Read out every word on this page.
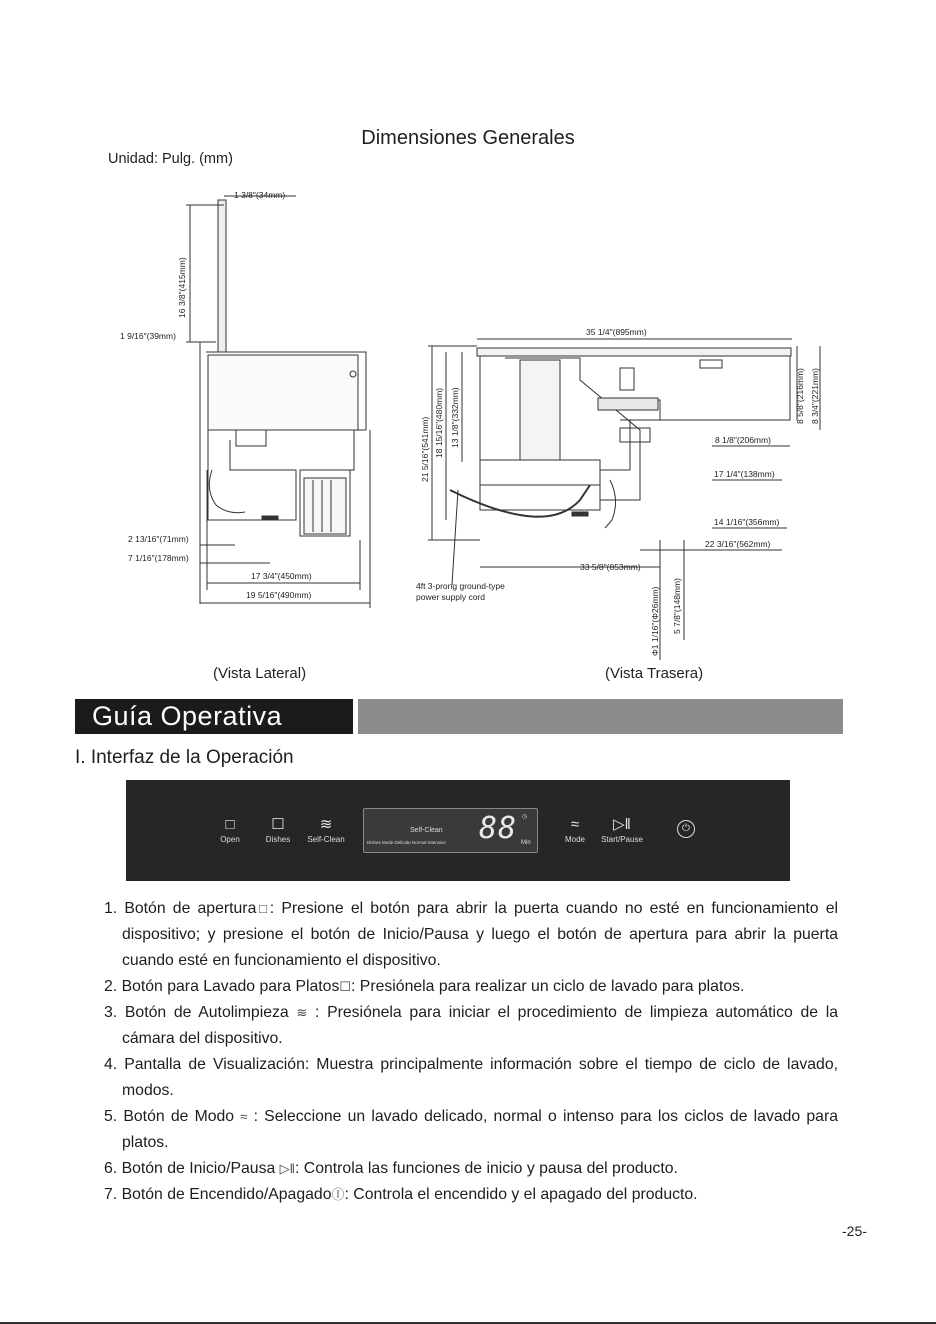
Dimensiones Generales
Unidad: Pulg. (mm)
1 3/8"(34mm)
16 3/8"(415mm)
1 9/16"(39mm)
2 13/16"(71mm)
7 1/16"(178mm)
17 3/4"(450mm)
19 5/16"(490mm)
35 1/4"(895mm)
21 5/16"(541mm) 18 15/16"(480mm) 13 1/8"(332mm)	8 5/8"(216mm) 8 3/4"(221mm)
8 1/8"(206mm)
17 1/4"(138mm)
14 1/16"(356mm)
22 3/16"(562mm)
33 5/8"(853mm)
Φ1 1/16"(Φ26mm) 5 7/8"(148mm)
4ft 3-prong ground-type
power supply cord
(Vista Lateral)	(Vista Trasera)
Guía Operativa
I. Interfaz de la Operación
□
Open
☐
Dishes
≋
Self-Clean
Self-Clean 88 ◷
Min
Dishes Mode Delicate Normal Intensive
≈
Mode
▷‖
Start/Pause
⏻
1. Botón de apertura□: Presione el botón para abrir la puerta cuando no esté en funcionamiento el dispositivo; y presione el botón de Inicio/Pausa y luego el botón de apertura para abrir la puerta cuando esté en funcionamiento el dispositivo.
2. Botón para Lavado para Platos☐: Presiónela para realizar un ciclo de lavado para platos.
3. Botón de Autolimpieza ≋ : Presiónela para iniciar el procedimiento de limpieza automático de la cámara del dispositivo.
4. Pantalla de Visualización: Muestra principalmente información sobre el tiempo de ciclo de lavado, modos.
5. Botón de Modo ≈ : Seleccione un lavado delicado, normal o intenso para los ciclos de lavado para platos.
6. Botón de Inicio/Pausa ▷‖: Controla las funciones de inicio y pausa del producto.
7. Botón de Encendido/ApagadoⒾ: Controla el encendido y el apagado del producto.
-25-
